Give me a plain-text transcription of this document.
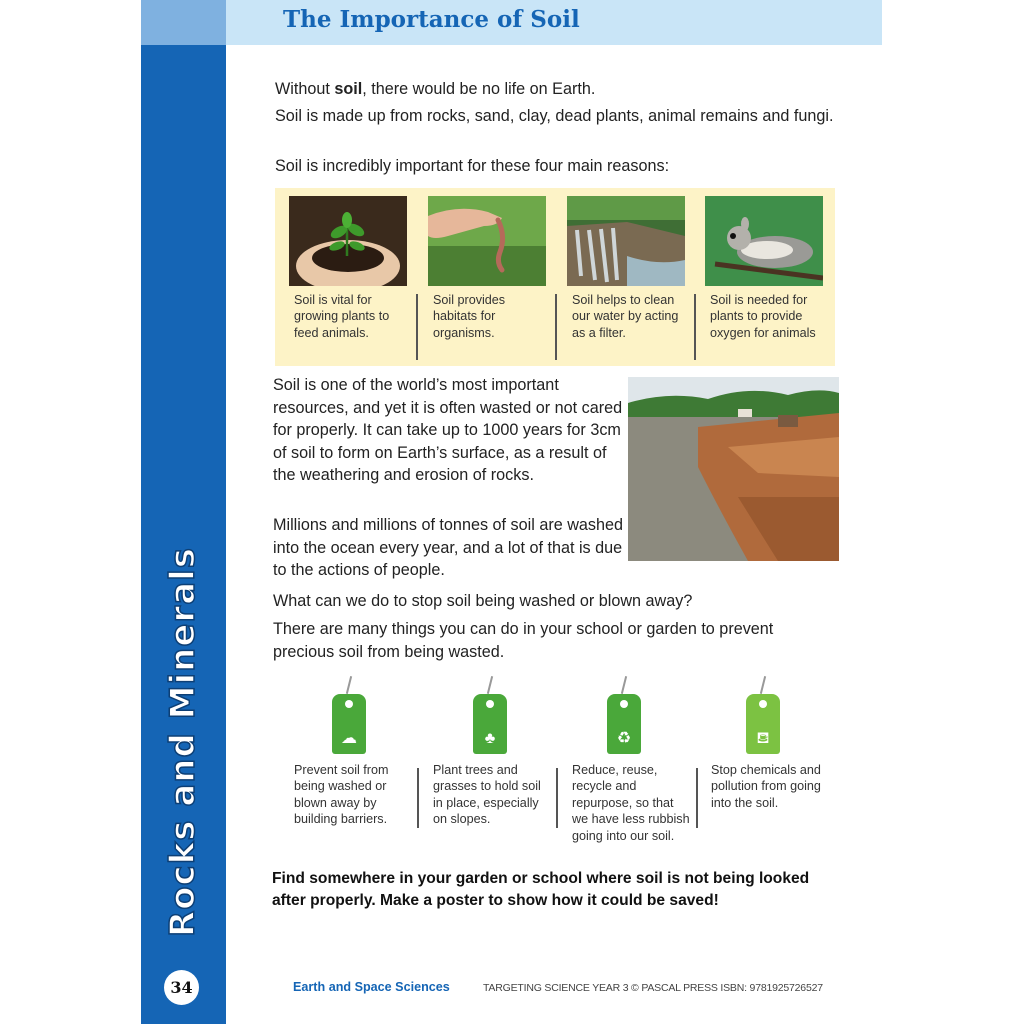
Rocks and Minerals
34
The Importance of Soil
Without soil, there would be no life on Earth.
Soil is made up from rocks, sand, clay, dead plants, animal remains and fungi.
Soil is incredibly important for these four main reasons:
Soil is vital for growing plants to feed animals.
Soil provides habitats for organisms.
Soil helps to clean our water by acting as a filter.
Soil is needed for plants to provide oxygen for animals
Soil is one of the world’s most important resources, and yet it is often wasted or not cared for properly. It can take up to 1000 years for 3cm of soil to form on Earth’s surface, as a result of the weathering and erosion of rocks.
Millions and millions of tonnes of soil are washed into the ocean every year, and a lot of that is due to the actions of people.
What can we do to stop soil being washed or blown away?
There are many things you can do in your school or garden to prevent precious soil from being wasted.
☁
Prevent soil from being washed or blown away by building barriers.
♣
Plant trees and grasses to hold soil in place, especially on slopes.
♻
Reduce, reuse, recycle and repurpose, so that we have less rubbish going into our soil.
⛾
Stop chemicals and pollution from going into the soil.
Find somewhere in your garden or school where soil is not being looked after properly. Make a poster to show how it could be saved!
Earth and Space Sciences	TARGETING SCIENCE YEAR 3 © PASCAL PRESS ISBN: 9781925726527
